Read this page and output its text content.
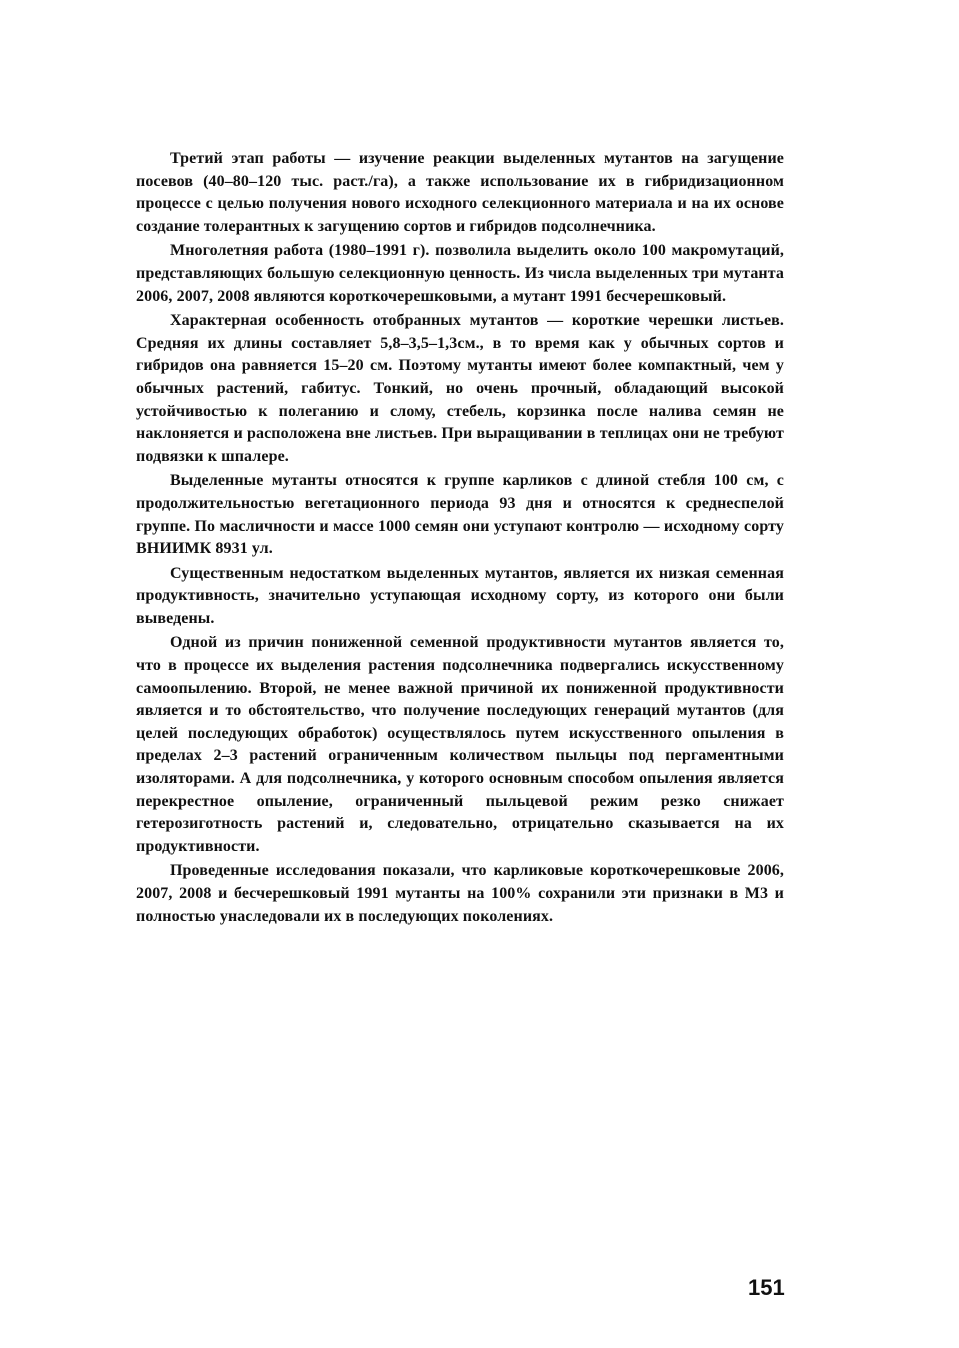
Третий этап работы — изучение реакции выделенных мутантов на загущение посевов (40–80–120 тыс. раст./га), а также использование их в гибридизационном процессе с целью получения нового исходного селекционного материала и на их основе создание толерантных к загущению сортов и гибридов подсолнечника.

Многолетняя работа (1980–1991 г). позволила выделить около 100 макромутаций, представляющих большую селекционную ценность. Из числа выделенных три мутанта 2006, 2007, 2008 являются короткочерешковыми, а мутант 1991 бесчерешковый.

Характерная особенность отобранных мутантов — короткие черешки листьев. Средняя их длины составляет 5,8–3,5–1,3см., в то время как у обычных сортов и гибридов она равняется 15–20 см. Поэтому мутанты имеют более компактный, чем у обычных растений, габитус. Тонкий, но очень прочный, обладающий высокой устойчивостью к полеганию и слому, стебель, корзинка после налива семян не наклоняется и расположена вне листьев. При выращивании в теплицах они не требуют подвязки к шпалере.

Выделенные мутанты относятся к группе карликов с длиной стебля 100 см, с продолжительностью вегетационного периода 93 дня и относятся к среднеспелой группе. По масличности и массе 1000 семян они уступают контролю — исходному сорту ВНИИМК 8931 ул.

Существенным недостатком выделенных мутантов, является их низкая семенная продуктивность, значительно уступающая исходному сорту, из которого они были выведены.

Одной из причин пониженной семенной продуктивности мутантов является то, что в процессе их выделения растения подсолнечника подвергались искусственному самоопылению. Второй, не менее важной причиной их пониженной продуктивности является и то обстоятельство, что получение последующих генераций мутантов (для целей последующих обработок) осуществлялось путем искусственного опыления в пределах 2–3 растений ограниченным количеством пыльцы под пергаментными изоляторами. А для подсолнечника, у которого основным способом опыления является перекрестное опыление, ограниченный пыльцевой режим резко снижает гетерозиготность растений и, следовательно, отрицательно сказывается на их продуктивности.

Проведенные исследования показали, что карликовые короткочерешковые 2006, 2007, 2008 и бесчерешковый 1991 мутанты на 100% сохранили эти признаки в М3 и полностью унаследовали их в последующих поколениях.

151
